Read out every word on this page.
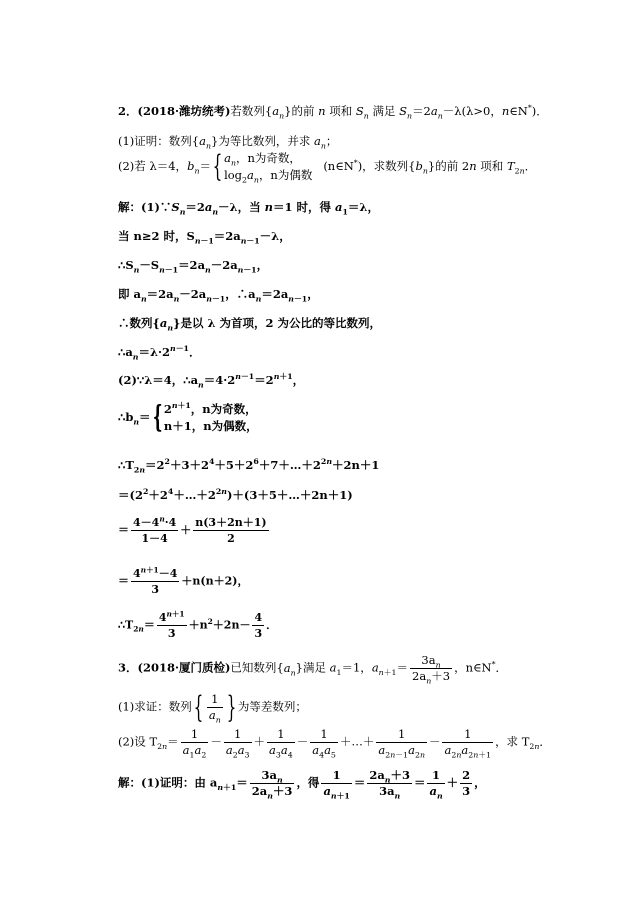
2．(2018·潍坊统考)若数列$\{a_n\}$的前 n 项和 $S_n$ 满足 $S_n=2a_n-\lambda(\lambda>0$，n∈N*)．
(1)证明：数列$\{a_n\}$为等比数列，并求 $a_n$；
(2)若 λ＝4，$b_n=${ $a_n$，n为奇数，
$\log_2a_n$，n为偶数
(n∈N*)，求数列$\{b_n\}$的前 2n 项和 $T_{2n}$．
解：$(1)\because S_n=2a_n-\lambda$，当 n＝1 时，得 $a_1=\lambda$，
当 n≥2 时，$S_{n-1}=2a_{n-1}-\lambda$，
$\therefore S_n-S_{n-1}=2a_n-2a_{n-1}$，
即 $a_n=2a_n-2a_{n-1}$，$\therefore a_n=2a_{n-1}$，
∴数列$\{a_n\}$是以 λ 为首项，2 为公比的等比数列，
$\therefore a_n=\lambda\cdot 2^{n-1}$．
(2)∵λ＝4，$\therefore a_n=4\cdot 2^{n-1}=2^{n+1}$，
$\therefore b_n=${ $2^{n+1}$，n为奇数，
n＋1，n为偶数，
$\therefore T_{2n}=2^2+3+2^4+5+2^6+7+\dots+2^{2n}+2n+1$
$=(2^2+2^4+\dots+2^{2n})+(3+5+\dots+2n+1)$
＝ $\frac{4-4^n\cdot 4}{1-4} + \frac{n(3+2n+1)}{2}$
＝ $\frac{4^{n+1}-4}{3} +n(n+2)$，
$\therefore T_{2n}= \frac{4^{n+1}}{3} +n^2+2n- \frac{4}{3}$ ．
3．(2018·厦门质检)已知数列$\{a_n\}$满足 $a_1=1$，$a_{n+1}= \frac{3a_n}{2a_n+3}$ ，n∈N*．
(1)求证：数列{ $\frac{1}{a_n}$ } 为等差数列；
(2)设 $T_{2n}= \frac{1}{a_1a_2} - \frac{1}{a_2a_3} + \frac{1}{a_3a_4} - \frac{1}{a_4a_5}$ ＋…＋ $\frac{1}{a_{2n-1}a_{2n}} - \frac{1}{a_{2n}a_{2n+1}}$ ，求 $T_{2n}$．
解：(1)证明：由 $a_{n+1}= \frac{3a_n}{2a_n+3}$ ，得 $\frac{1}{a_{n+1}} = \frac{2a_n+3}{3a_n} = \frac{1}{a_n} + \frac{2}{3}$ ，
